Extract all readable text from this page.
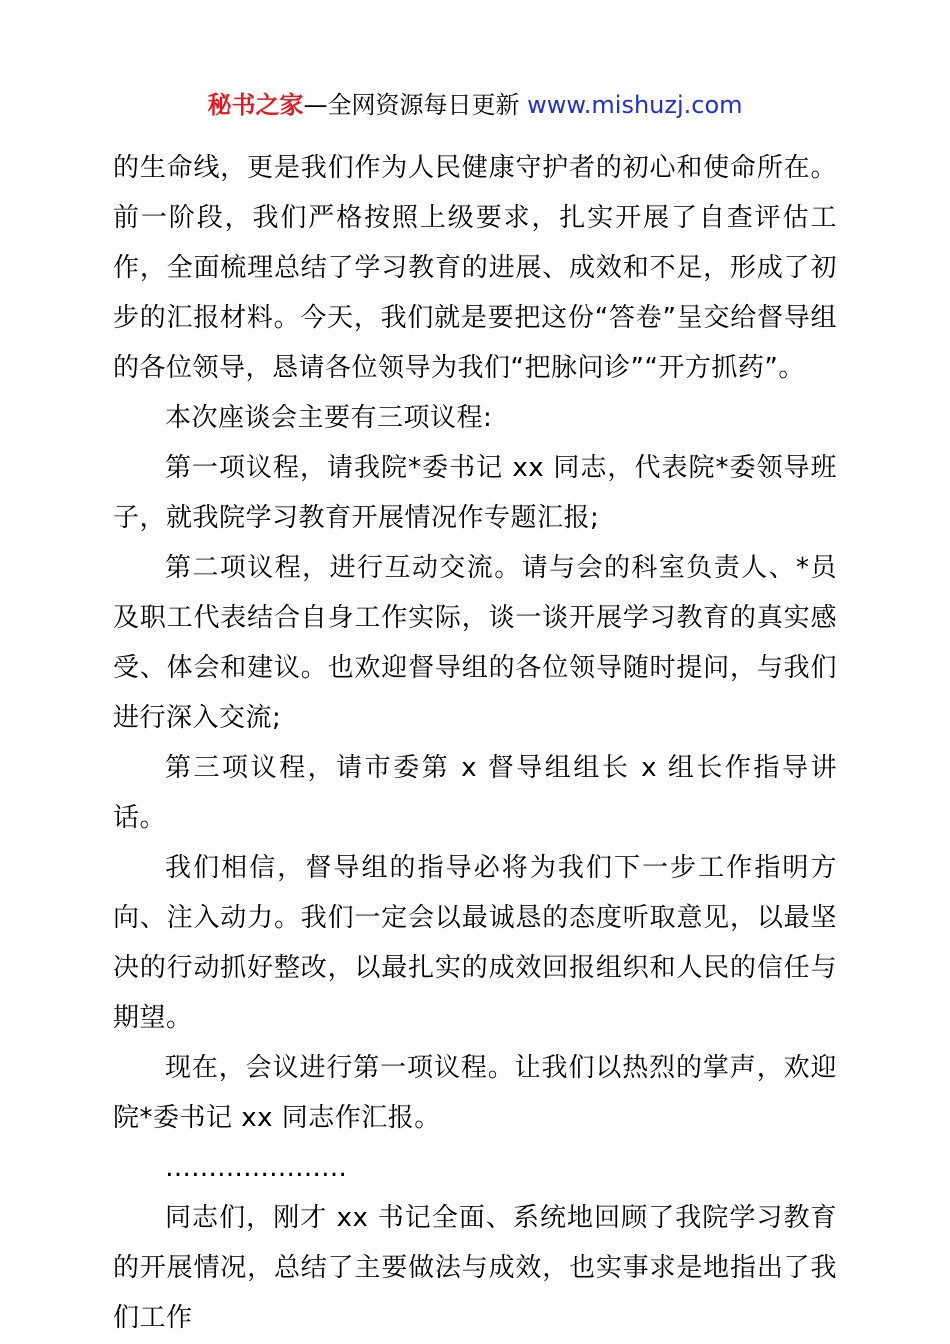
秘书之家—全网资源每日更新 www.mishuzj.com

的生命线，更是我们作为人民健康守护者的初心和使命所在。前一阶段，我们严格按照上级要求，扎实开展了自查评估工作，全面梳理总结了学习教育的进展、成效和不足，形成了初步的汇报材料。今天，我们就是要把这份“答卷”呈交给督导组的各位领导，恳请各位领导为我们“把脉问诊”“开方抓药”。

本次座谈会主要有三项议程:

第一项议程，请我院*委书记 xx 同志，代表院*委领导班子，就我院学习教育开展情况作专题汇报;

第二项议程，进行互动交流。请与会的科室负责人、*员及职工代表结合自身工作实际，谈一谈开展学习教育的真实感受、体会和建议。也欢迎督导组的各位领导随时提问，与我们进行深入交流;

第三项议程，请市委第 x 督导组组长 x 组长作指导讲话。

我们相信，督导组的指导必将为我们下一步工作指明方向、注入动力。我们一定会以最诚恳的态度听取意见，以最坚决的行动抓好整改，以最扎实的成效回报组织和人民的信任与期望。

现在，会议进行第一项议程。让我们以热烈的掌声，欢迎院*委书记 xx 同志作汇报。

…………………

同志们，刚才 xx 书记全面、系统地回顾了我院学习教育的开展情况，总结了主要做法与成效，也实事求是地指出了我们工作
